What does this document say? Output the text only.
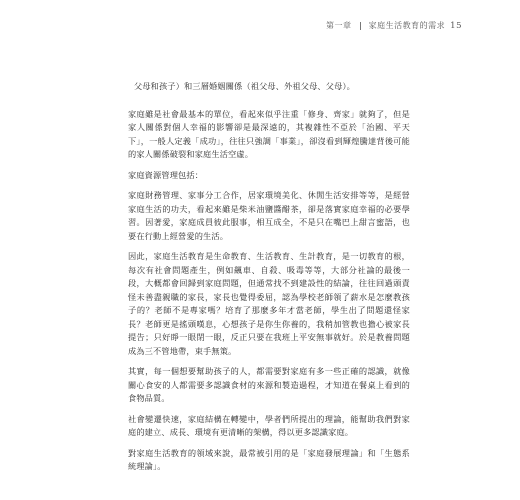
第一章 家庭生活教育的需求 15

父母和孩子）和三層婚姻關係（祖父母、外祖父母、父母）。

家庭雖是社會最基本的單位，看起來似乎注重「修身、齊家」就夠了，但是家人關係對個人幸福的影響卻是最深遠的，其複雜性不亞於「治國、平天下」，一般人定義「成功」，往往只強調「事業」，卻沒看到輝煌騰達背後可能的家人關係破裂和家庭生活空虛。

家庭資源管理包括：

家庭財務管理、家事分工合作，居家環境美化、休閒生活安排等等，是經營家庭生活的功夫，看起來雖是柴米油鹽醬醋茶，卻是落實家庭幸福的必要學習。因著愛，家庭成員彼此服事，相互成全，不是只在嘴巴上甜言蜜語，也要在行動上經營愛的生活。

因此，家庭生活教育是生命教育、生活教育、生計教育，是一切教育的根，每次有社會問題產生，例如飆車、自殺、吸毒等等，大部分社論的最後一段，大概都會回歸到家庭問題，但通常找不到建設性的結論，往往回過頭責怪未善盡親職的家長，家長也覺得委屈，認為學校老師領了薪水是怎麼教孩子的？老師不是專家嗎？培育了那麼多年才當老師，學生出了問題還怪家長？老師更是搖頭嘆息，心想孩子是你生你養的，我稍加管教也擔心被家長提告；只好睜一眼閉一眼，反正只要在我班上平安無事就好。於是教養問題成為三不管地帶，束手無策。

其實，每一個想要幫助孩子的人，都需要對家庭有多一些正確的認識，就像關心食安的人都需要多認識食材的來源和製造過程，才知道在餐桌上看到的食物品質。

社會變遷快速，家庭結構在轉變中，學者們所提出的理論，能幫助我們對家庭的建立、成長、環境有更清晰的架構，得以更多認識家庭。

對家庭生活教育的領域來說，最常被引用的是「家庭發展理論」和「生態系統理論」。
